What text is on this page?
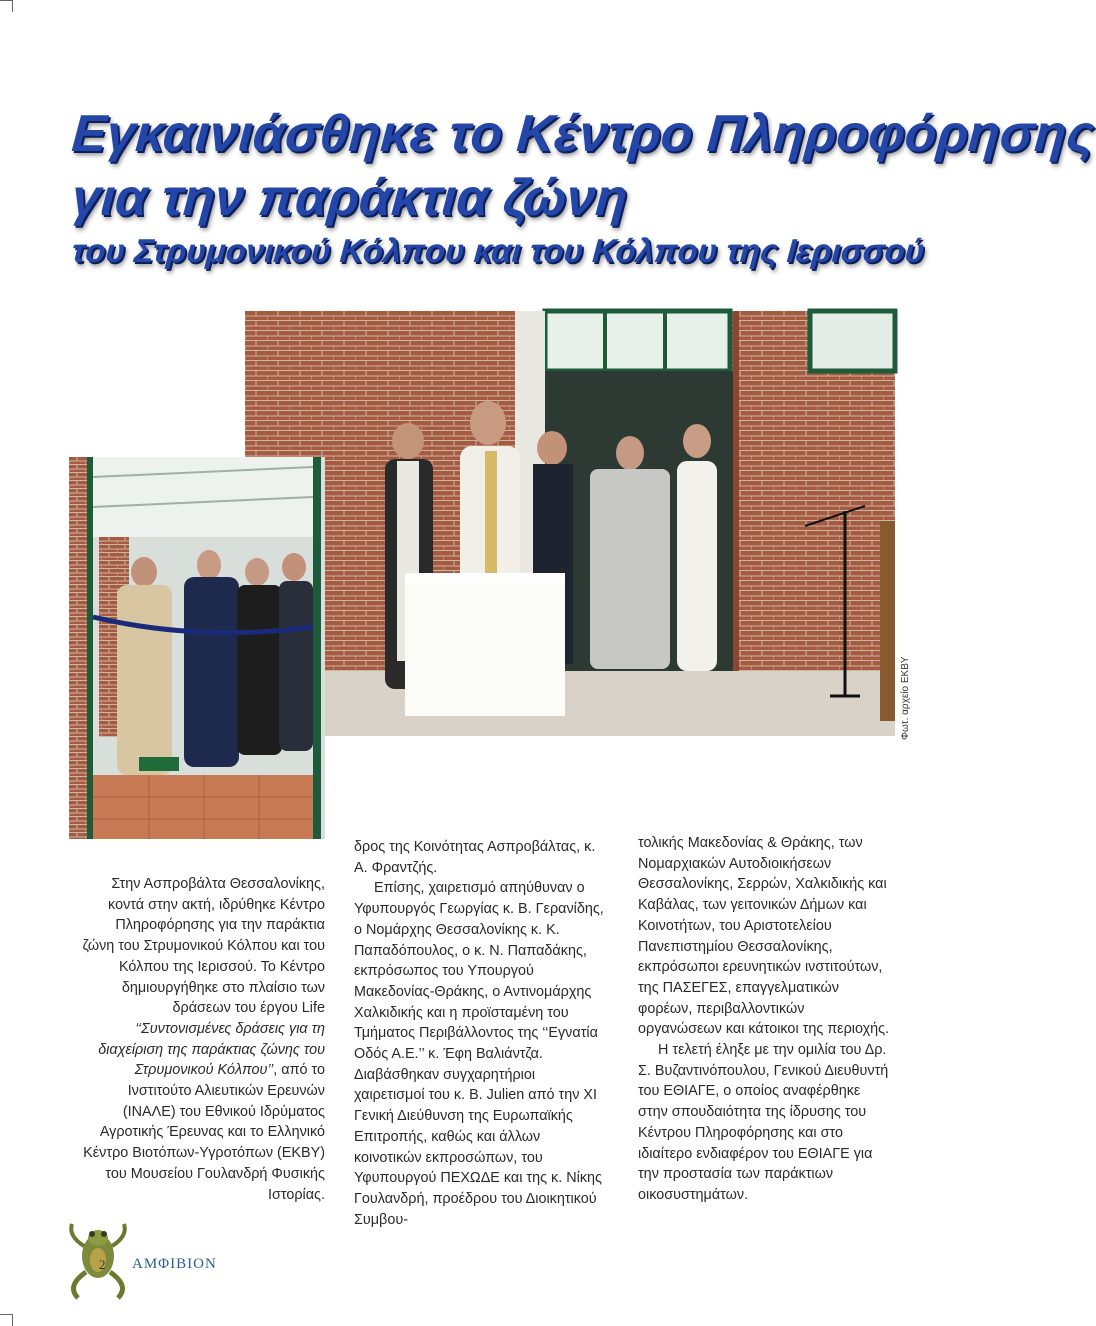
Εγκαινιάσθηκε το Κέντρο Πληροφόρησης
για την παράκτια ζώνη
του Στρυμονικού Κόλπου και του Κόλπου της Ιερισσού
Φωτ. αρχείο ΕΚΒΥ

Στην Ασπροβάλτα Θεσσαλονίκης, κοντά στην ακτή, ιδρύθηκε Κέντρο Πληροφόρησης για την παράκτια ζώνη του Στρυμονικού Κόλπου και του Κόλπου της Ιερισσού. Το Κέντρο δημιουργήθηκε στο πλαίσιο των δράσεων του έργου Life ‘‘Συντονισμένες δράσεις για τη διαχείριση της παράκτιας ζώνης του Στρυμονικού Κόλπου’’, από το Ινστιτούτο Αλιευτικών Ερευνών (ΙΝΑΛΕ) του Εθνικού Ιδρύματος Αγροτικής Έρευνας και το Ελληνικό Κέντρο Βιοτόπων-Υγροτόπων (ΕΚΒΥ) του Μουσείου Γουλανδρή Φυσικής Ιστορίας.

δρος της Κοινότητας Ασπροβάλτας, κ. Α. Φραντζής.

Επίσης, χαιρετισμό απηύθυναν ο Υφυπουργός Γεωργίας κ. Β. Γερανίδης, ο Νομάρχης Θεσσαλονίκης κ. Κ. Παπαδόπουλος, ο κ. Ν. Παπαδάκης, εκπρόσωπος του Υπουργού Μακεδονίας-Θράκης, ο Αντινομάρχης Χαλκιδικής και η προϊσταμένη του Τμήματος Περιβάλλοντος της ‘‘Εγνατία Οδός Α.Ε.’’ κ. Έφη Βαλιάντζα. Διαβάσθηκαν συγχαρητήριοι χαιρετισμοί του κ. B. Julien από την ΧΙ Γενική Διεύθυνση της Ευρωπαϊκής Επιτροπής, καθώς και άλλων κοινοτικών εκπροσώπων, του Υφυπουργού ΠΕΧΩΔΕ και της κ. Νίκης Γουλανδρή, προέδρου του Διοικητικού Συμβου-

τολικής Μακεδονίας & Θράκης, των Νομαρχιακών Αυτοδιοικήσεων Θεσσαλονίκης, Σερρών, Χαλκιδικής και Καβάλας, των γειτονικών Δήμων και Κοινοτήτων, του Αριστοτελείου Πανεπιστημίου Θεσσαλονίκης, εκπρόσωποι ερευνητικών ινστιτούτων, της ΠΑΣΕΓΕΣ, επαγγελματικών φορέων, περιβαλλοντικών οργανώσεων και κάτοικοι της περιοχής.

Η τελετή έληξε με την ομιλία του Δρ. Σ. Βυζαντινόπουλου, Γενικού Διευθυντή του ΕΘΙΑΓΕ, ο οποίος αναφέρθηκε στην σπουδαιότητα της ίδρυσης του Κέντρου Πληροφόρησης και στο ιδιαίτερο ενδιαφέρον του ΕΘΙΑΓΕ για την προστασία των παράκτιων οικοσυστημάτων.

2 ΑΜΦΙΒΙΟΝ
